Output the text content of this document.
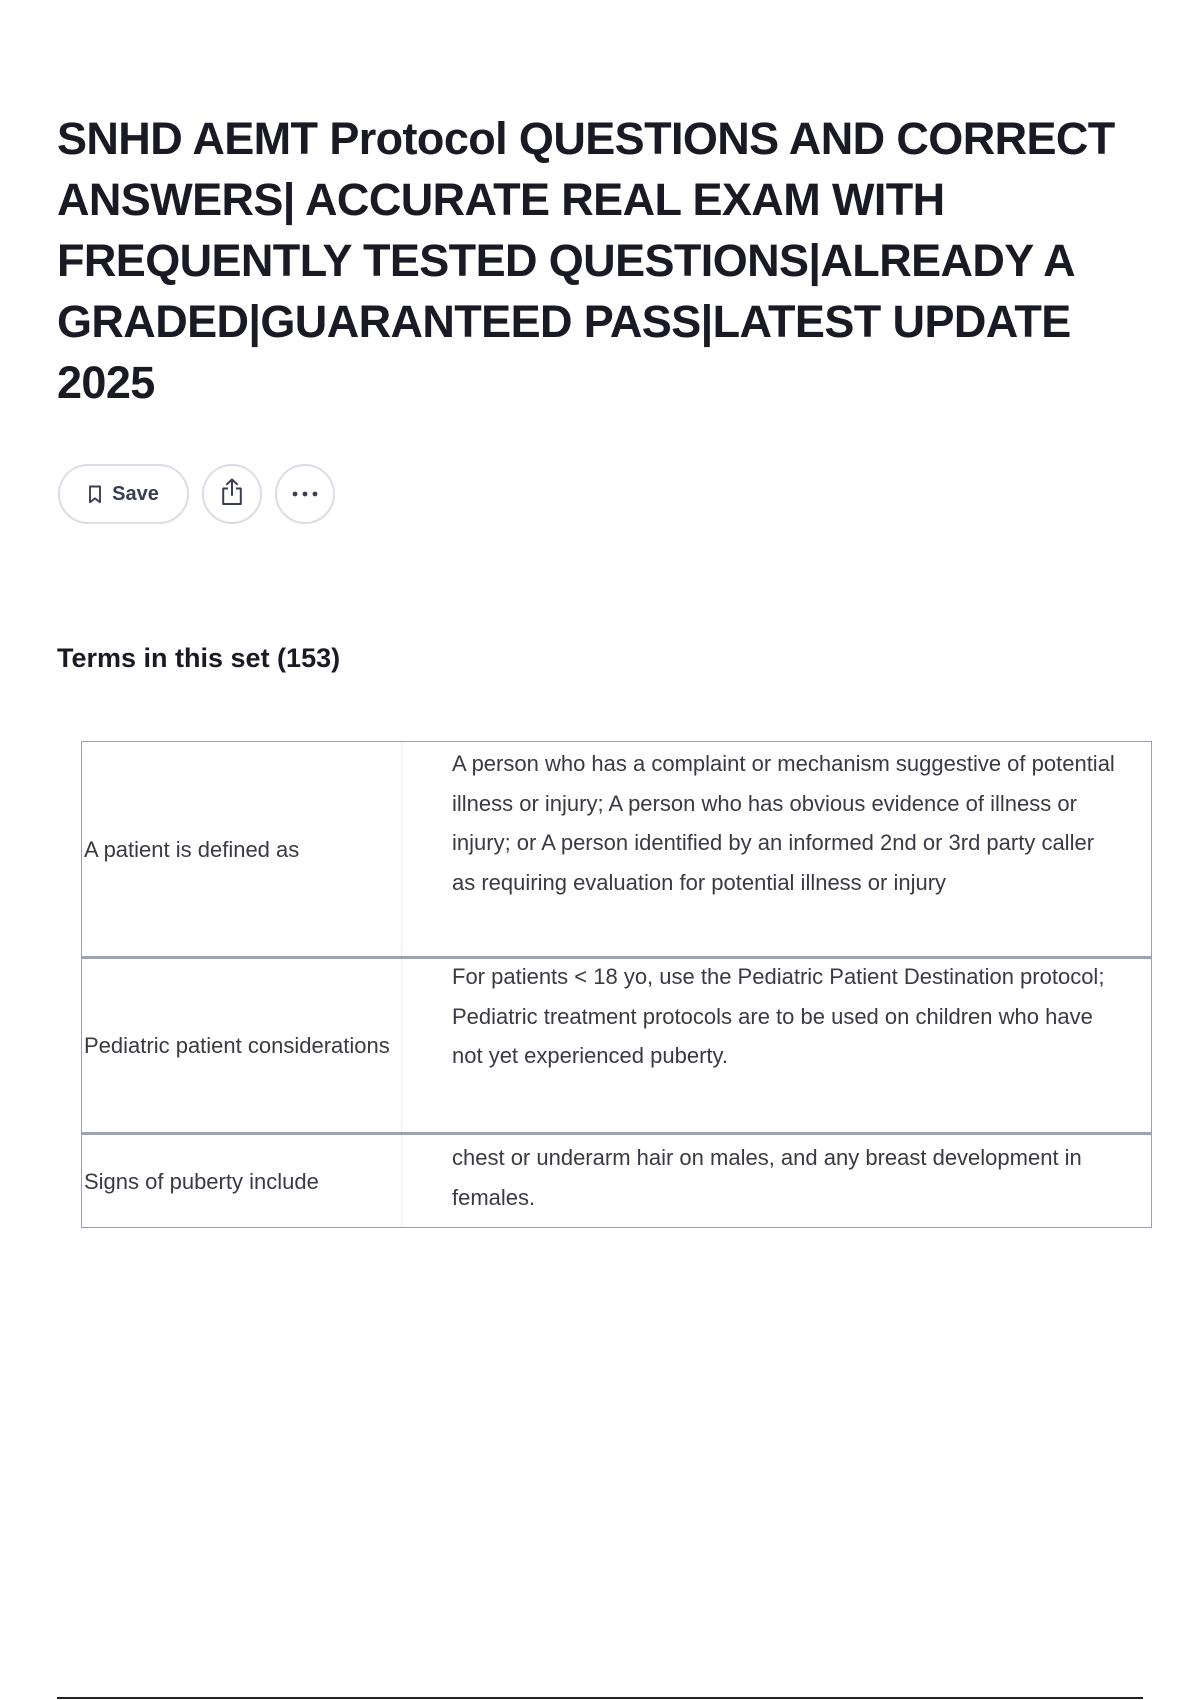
SNHD AEMT Protocol QUESTIONS AND CORRECT ANSWERS| ACCURATE REAL EXAM WITH FREQUENTLY TESTED QUESTIONS|ALREADY A GRADED|GUARANTEED PASS|LATEST UPDATE 2025
Save
Terms in this set (153)
A patient is defined as
A person who has a complaint or mechanism suggestive of potential illness or injury; A person who has obvious evidence of illness or injury; or A person identified by an informed 2nd or 3rd party caller as requiring evaluation for potential illness or injury
Pediatric patient considerations
For patients < 18 yo, use the Pediatric Patient Destination protocol; Pediatric treatment protocols are to be used on children who have not yet experienced puberty.
Signs of puberty include
chest or underarm hair on males, and any breast development in females.
